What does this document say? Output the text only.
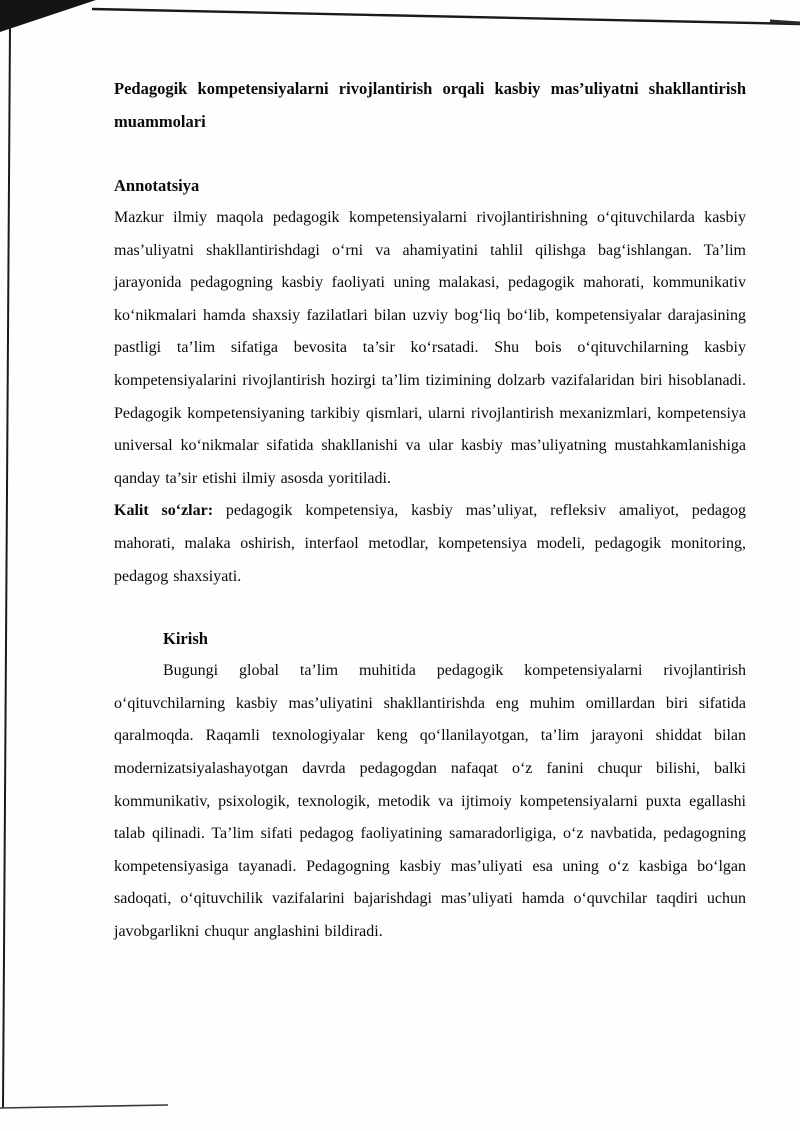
Pedagogik kompetensiyalarni rivojlantirish orqali kasbiy mas’uliyatni shakllantirish muammolari
Annotatsiya

Mazkur ilmiy maqola pedagogik kompetensiyalarni rivojlantirishning o‘qituvchilarda kasbiy mas’uliyatni shakllantirishdagi o‘rni va ahamiyatini tahlil qilishga bag‘ishlangan. Ta’lim jarayonida pedagogning kasbiy faoliyati uning malakasi, pedagogik mahorati, kommunikativ ko‘nikmalari hamda shaxsiy fazilatlari bilan uzviy bog‘liq bo‘lib, kompetensiyalar darajasining pastligi ta’lim sifatiga bevosita ta’sir ko‘rsatadi. Shu bois o‘qituvchilarning kasbiy kompetensiyalarini rivojlantirish hozirgi ta’lim tizimining dolzarb vazifalaridan biri hisoblanadi. Pedagogik kompetensiyaning tarkibiy qismlari, ularni rivojlantirish mexanizmlari, kompetensiya universal ko‘nikmalar sifatida shakllanishi va ular kasbiy mas’uliyatning mustahkamlanishiga qanday ta’sir etishi ilmiy asosda yoritiladi.

Kalit so‘zlar: pedagogik kompetensiya, kasbiy mas’uliyat, refleksiv amaliyot, pedagog mahorati, malaka oshirish, interfaol metodlar, kompetensiya modeli, pedagogik monitoring, pedagog shaxsiyati.

Kirish

Bugungi global ta’lim muhitida pedagogik kompetensiyalarni rivojlantirish o‘qituvchilarning kasbiy mas’uliyatini shakllantirishda eng muhim omillardan biri sifatida qaralmoqda. Raqamli texnologiyalar keng qo‘llanilayotgan, ta’lim jarayoni shiddat bilan modernizatsiyalashayotgan davrda pedagogdan nafaqat o‘z fanini chuqur bilishi, balki kommunikativ, psixologik, texnologik, metodik va ijtimoiy kompetensiyalarni puxta egallashi talab qilinadi. Ta’lim sifati pedagog faoliyatining samaradorligiga, o‘z navbatida, pedagogning kompetensiyasiga tayanadi. Pedagogning kasbiy mas’uliyati esa uning o‘z kasbiga bo‘lgan sadoqati, o‘qituvchilik vazifalarini bajarishdagi mas’uliyati hamda o‘quvchilar taqdiri uchun javobgarlikni chuqur anglashini bildiradi.
